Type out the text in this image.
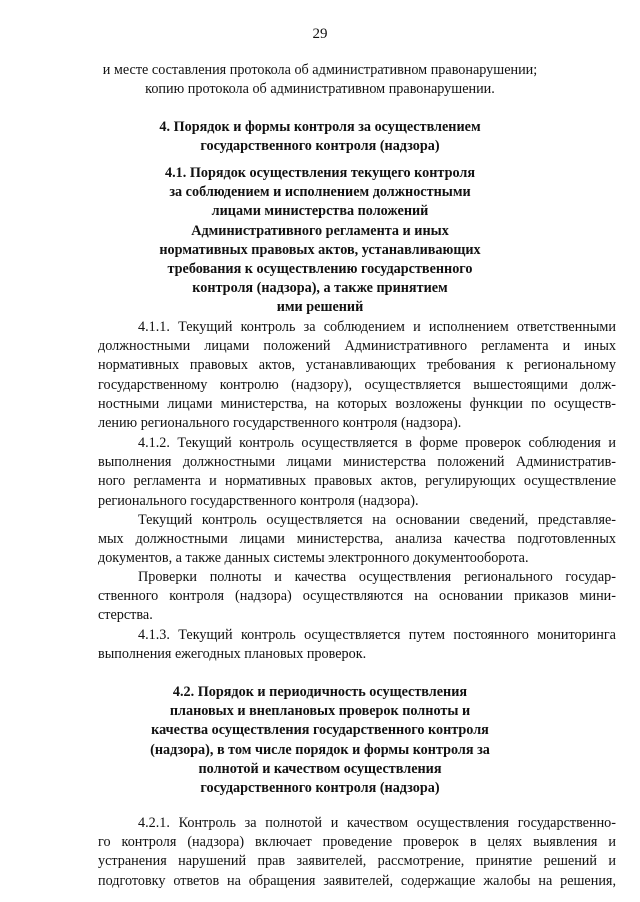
29
и месте составления протокола об административном правонарушении;
копию протокола об административном правонарушении.
4. Порядок и формы контроля за осуществлением
государственного контроля (надзора)
4.1. Порядок осуществления текущего контроля
за соблюдением и исполнением должностными
лицами министерства положений
Административного регламента и иных
нормативных правовых актов, устанавливающих
требования к осуществлению государственного
контроля (надзора), а также принятием
ими решений
4.1.1. Текущий контроль за соблюдением и исполнением ответственными
должностными лицами положений Административного регламента и иных
нормативных правовых актов, устанавливающих требования к региональному
государственному контролю (надзору), осуществляется вышестоящими долж-
ностными лицами министерства, на которых возложены функции по осуществ-
лению регионального государственного контроля (надзора).
4.1.2. Текущий контроль осуществляется в форме проверок соблюдения и
выполнения должностными лицами министерства положений Административ-
ного регламента и нормативных правовых актов, регулирующих осуществление
регионального государственного контроля (надзора).
Текущий контроль осуществляется на основании сведений, представляе-
мых должностными лицами министерства, анализа качества подготовленных
документов, а также данных системы электронного документооборота.
Проверки полноты и качества осуществления регионального государ-
ственного контроля (надзора) осуществляются на основании приказов мини-
стерства.
4.1.3. Текущий контроль осуществляется путем постоянного мониторинга
выполнения ежегодных плановых проверок.
4.2. Порядок и периодичность осуществления
плановых и внеплановых проверок полноты и
качества осуществления государственного контроля
(надзора), в том числе порядок и формы контроля за
полнотой и качеством осуществления
государственного контроля (надзора)
4.2.1. Контроль за полнотой и качеством осуществления государственно-
го контроля (надзора) включает проведение проверок в целях выявления и
устранения нарушений прав заявителей, рассмотрение, принятие решений и
подготовку ответов на обращения заявителей, содержащие жалобы на решения,
